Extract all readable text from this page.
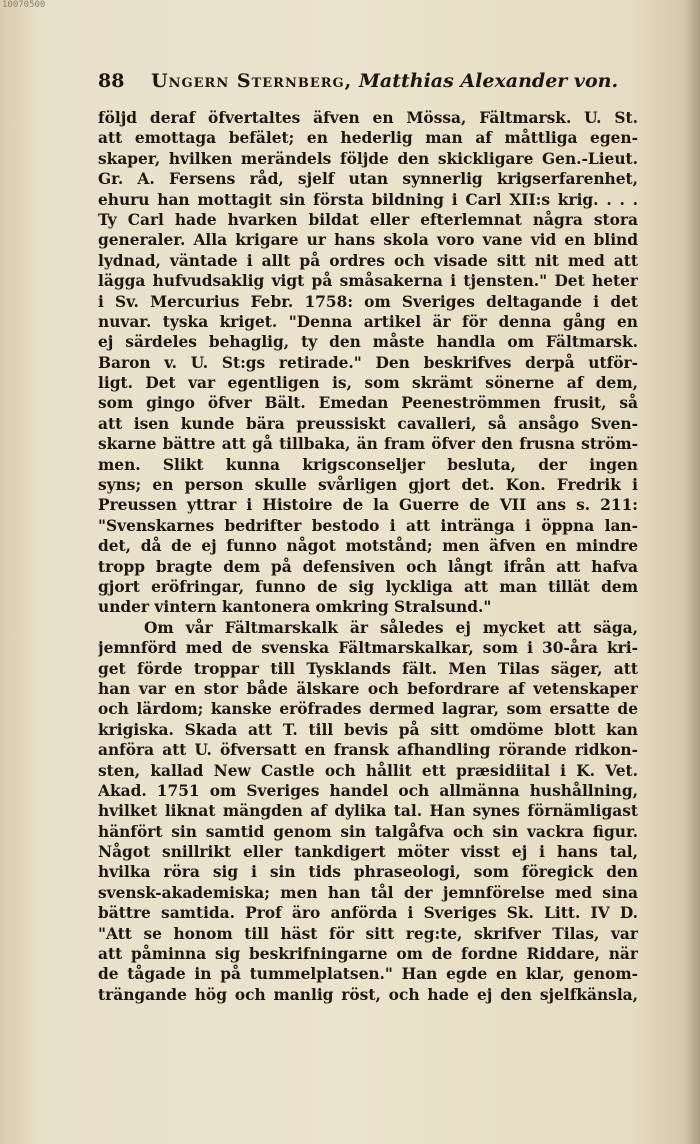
10070500
88 Ungern Sternberg, Matthias Alexander von.
följd deraf öfvertaltes äfven en Mössa, Fältmarsk. U. St.
att emottaga befälet; en hederlig man af måttliga egen-
skaper, hvilken merändels följde den skickligare Gen.-Lieut.
Gr. A. Fersens råd, sjelf utan synnerlig krigserfarenhet,
ehuru han mottagit sin första bildning i Carl XII:s krig. . . .
Ty Carl hade hvarken bildat eller efterlemnat några stora
generaler. Alla krigare ur hans skola voro vane vid en blind
lydnad, väntade i allt på ordres och visade sitt nit med att
lägga hufvudsaklig vigt på småsakerna i tjensten." Det heter
i Sv. Mercurius Febr. 1758: om Sveriges deltagande i det
nuvar. tyska kriget. "Denna artikel är för denna gång en
ej särdeles behaglig, ty den måste handla om Fältmarsk.
Baron v. U. St:gs retirade." Den beskrifves derpå utför-
ligt. Det var egentligen is, som skrämt sönerne af dem,
som gingo öfver Bält. Emedan Peeneströmmen frusit, så
att isen kunde bära preussiskt cavalleri, så ansågo Sven-
skarne bättre att gå tillbaka, än fram öfver den frusna ström-
men. Slikt kunna krigsconseljer besluta, der ingen
syns; en person skulle svårligen gjort det. Kon. Fredrik i
Preussen yttrar i Histoire de la Guerre de VII ans s. 211:
"Svenskarnes bedrifter bestodo i att intränga i öppna lan-
det, då de ej funno något motstånd; men äfven en mindre
tropp bragte dem på defensiven och långt ifrån att hafva
gjort eröfringar, funno de sig lyckliga att man tillät dem
under vintern kantonera omkring Stralsund."
Om vår Fältmarskalk är således ej mycket att säga,
jemnförd med de svenska Fältmarskalkar, som i 30-åra kri-
get förde troppar till Tysklands fält. Men Tilas säger, att
han var en stor både älskare och befordrare af vetenskaper
och lärdom; kanske eröfrades dermed lagrar, som ersatte de
krigiska. Skada att T. till bevis på sitt omdöme blott kan
anföra att U. öfversatt en fransk afhandling rörande ridkon-
sten, kallad New Castle och hållit ett præsidiital i K. Vet.
Akad. 1751 om Sveriges handel och allmänna hushållning,
hvilket liknat mängden af dylika tal. Han synes förnämligast
hänfört sin samtid genom sin talgåfva och sin vackra figur.
Något snillrikt eller tankdigert möter visst ej i hans tal,
hvilka röra sig i sin tids phraseologi, som föregick den
svensk-akademiska; men han tål der jemnförelse med sina
bättre samtida. Prof äro anförda i Sveriges Sk. Litt. IV D.
"Att se honom till häst för sitt reg:te, skrifver Tilas, var
att påminna sig beskrifningarne om de fordne Riddare, när
de tågade in på tummelplatsen." Han egde en klar, genom-
trängande hög och manlig röst, och hade ej den sjelfkänsla,
